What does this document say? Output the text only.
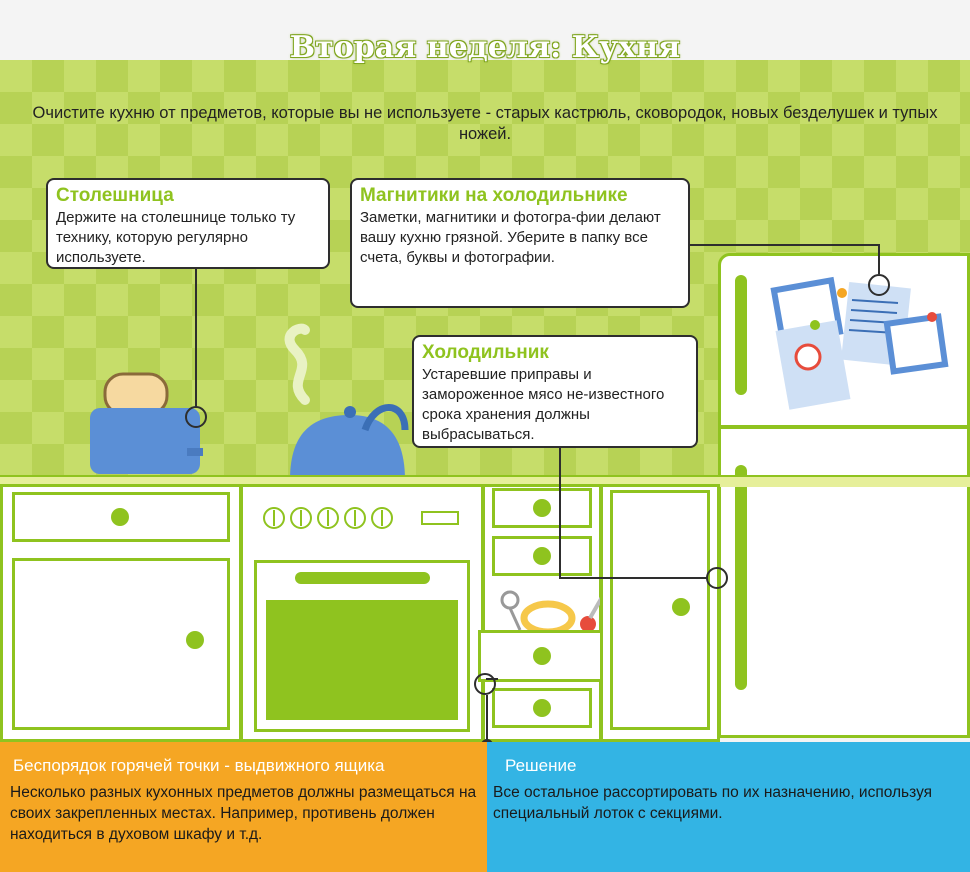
Вторая неделя: Кухня
Очистите кухню от предметов, которые вы не используете - старых кастрюль, сковородок, новых безделушек и тупых ножей.
Столешница

Держите на столешнице только ту технику, которую регулярно используете.

Магнитики на холодильнике

Заметки, магнитики и фотогра-фии делают вашу кухню грязной. Уберите в папку все счета, буквы и фотографии.

Холодильник

Устаревшие приправы и замороженное мясо не-известного срока хранения должны выбрасываться.

Беспорядок горячей точки - выдвижного ящика
Несколько разных кухонных предметов должны размещаться на своих закрепленных местах. Например, противень должен находиться в духовом шкафу и т.д.
Решение
Все остальное рассортировать по их назначению, используя специальный лоток с секциями.
